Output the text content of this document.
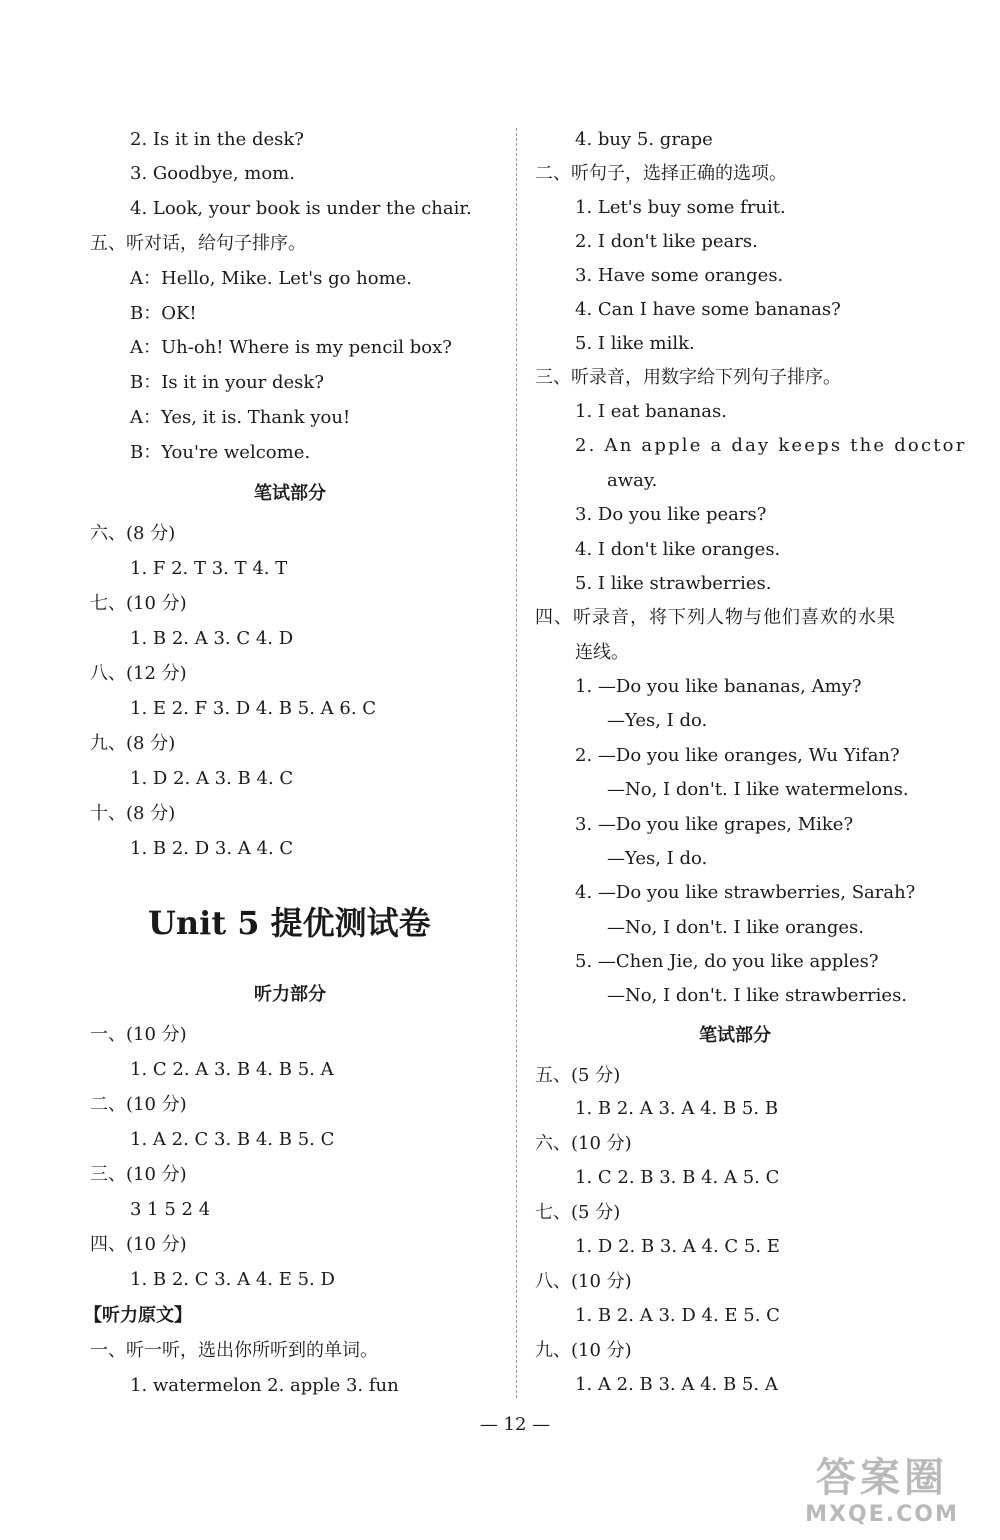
2. Is it in the desk?
3. Goodbye, mom.
4. Look, your book is under the chair.
五、听对话，给句子排序。
A：Hello, Mike. Let's go home.
B：OK!
A：Uh-oh! Where is my pencil box?
B：Is it in your desk?
A：Yes, it is. Thank you!
B：You're welcome.
笔试部分
六、(8 分)
1. F 2. T 3. T 4. T
七、(10 分)
1. B 2. A 3. C 4. D
八、(12 分)
1. E 2. F 3. D 4. B 5. A 6. C
九、(8 分)
1. D 2. A 3. B 4. C
十、(8 分)
1. B 2. D 3. A 4. C
Unit 5 提优测试卷
听力部分
一、(10 分)
1. C 2. A 3. B 4. B 5. A
二、(10 分)
1. A 2. C 3. B 4. B 5. C
三、(10 分)
3 1 5 2 4
四、(10 分)
1. B 2. C 3. A 4. E 5. D
【听力原文】
一、听一听，选出你所听到的单词。
1. watermelon 2. apple 3. fun
4. buy 5. grape
二、听句子，选择正确的选项。
1. Let's buy some fruit.
2. I don't like pears.
3. Have some oranges.
4. Can I have some bananas?
5. I like milk.
三、听录音，用数字给下列句子排序。
1. I eat bananas.
2. An apple a day keeps the doctor
away.
3. Do you like pears?
4. I don't like oranges.
5. I like strawberries.
四、听录音，将下列人物与他们喜欢的水果
连线。
1. —Do you like bananas, Amy?
—Yes, I do.
2. —Do you like oranges, Wu Yifan?
—No, I don't. I like watermelons.
3. —Do you like grapes, Mike?
—Yes, I do.
4. —Do you like strawberries, Sarah?
—No, I don't. I like oranges.
5. —Chen Jie, do you like apples?
—No, I don't. I like strawberries.
笔试部分
五、(5 分)
1. B 2. A 3. A 4. B 5. B
六、(10 分)
1. C 2. B 3. B 4. A 5. C
七、(5 分)
1. D 2. B 3. A 4. C 5. E
八、(10 分)
1. B 2. A 3. D 4. E 5. C
九、(10 分)
1. A 2. B 3. A 4. B 5. A
— 12 —
答案圈
MXQE.COM
